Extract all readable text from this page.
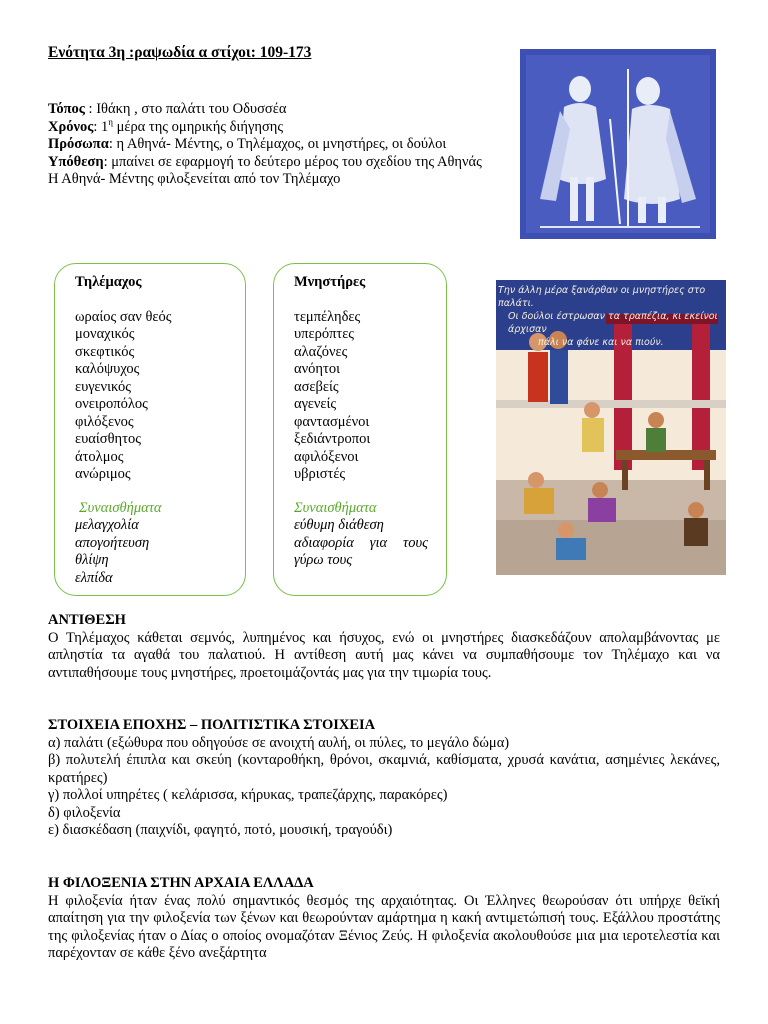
Ενότητα 3η :ραψωδία α στίχοι: 109-173

Τόπος : Ιθάκη , στο παλάτι του Οδυσσέα

Χρόνος: $1^\eta$ μέρα της ομηρικής διήγησης

Πρόσωπα: η Αθηνά- Μέντης, ο Τηλέμαχος, οι μνηστήρες, οι δούλοι

Υπόθεση: μπαίνει σε εφαρμογή το δεύτερο μέρος του σχεδίου της Αθηνάς

Η Αθηνά- Μέντης φιλοξενείται από τον Τηλέμαχο

Τηλέμαχος
ωραίος σαν θεός
μοναχικός
σκεφτικός
καλόψυχος
ευγενικός
ονειροπόλος
φιλόξενος
ευαίσθητος
άτολμος
ανώριμος
Συναισθήματα
μελαγχολία
απογοήτευση
θλίψη
ελπίδα
Μνηστήρες
τεμπέληδες
υπερόπτες
αλαζόνες
ανόητοι
ασεβείς
αγενείς
φαντασμένοι
ξεδιάντροποι
αφιλόξενοι
υβριστές
Συναισθήματα
εύθυμη διάθεση
αδιαφορία για τους
γύρω τους
Την άλλη μέρα ξανάρθαν οι μνηστήρες στο παλάτι.
Οι δούλοι έστρωσαν τα τραπέζια, κι εκείνοι άρχισαν
πάλι να φάνε και να πιούν.
ΑΝΤΙΘΕΣΗ

Ο Τηλέμαχος κάθεται σεμνός, λυπημένος και ήσυχος, ενώ οι μνηστήρες διασκεδάζουν απολαμβάνοντας με απληστία τα αγαθά του παλατιού. Η αντίθεση αυτή μας κάνει να συμπαθήσουμε τον Τηλέμαχο και να αντιπαθήσουμε τους μνηστήρες, προετοιμάζοντάς μας για την τιμωρία τους.

ΣΤΟΙΧΕΙΑ ΕΠΟΧΗΣ – ΠΟΛΙΤΙΣΤΙΚΑ ΣΤΟΙΧΕΙΑ

α) παλάτι (εξώθυρα που οδηγούσε σε ανοιχτή αυλή, οι πύλες, το μεγάλο δώμα)

β) πολυτελή έπιπλα και σκεύη (κονταροθήκη, θρόνοι, σκαμνιά, καθίσματα, χρυσά κανάτια, ασημένιες λεκάνες, κρατήρες)

γ) πολλοί υπηρέτες ( κελάρισσα, κήρυκας, τραπεζάρχης, παρακόρες)

δ) φιλοξενία

ε) διασκέδαση (παιχνίδι, φαγητό, ποτό, μουσική, τραγούδι)

Η ΦΙΛΟΞΕΝΙΑ ΣΤΗΝ ΑΡΧΑΙΑ ΕΛΛΑΔΑ

Η φιλοξενία ήταν ένας πολύ σημαντικός θεσμός της αρχαιότητας. Οι Έλληνες θεωρούσαν ότι υπήρχε θεϊκή απαίτηση για την φιλοξενία των ξένων και θεωρούνταν αμάρτημα η κακή αντιμετώπισή τους. Εξάλλου προστάτης της φιλοξενίας ήταν ο Δίας ο οποίος ονομαζόταν Ξένιος Ζεύς. Η φιλοξενία ακολουθούσε μια μια ιεροτελεστία και παρέχονταν σε κάθε ξένο ανεξάρτητα
